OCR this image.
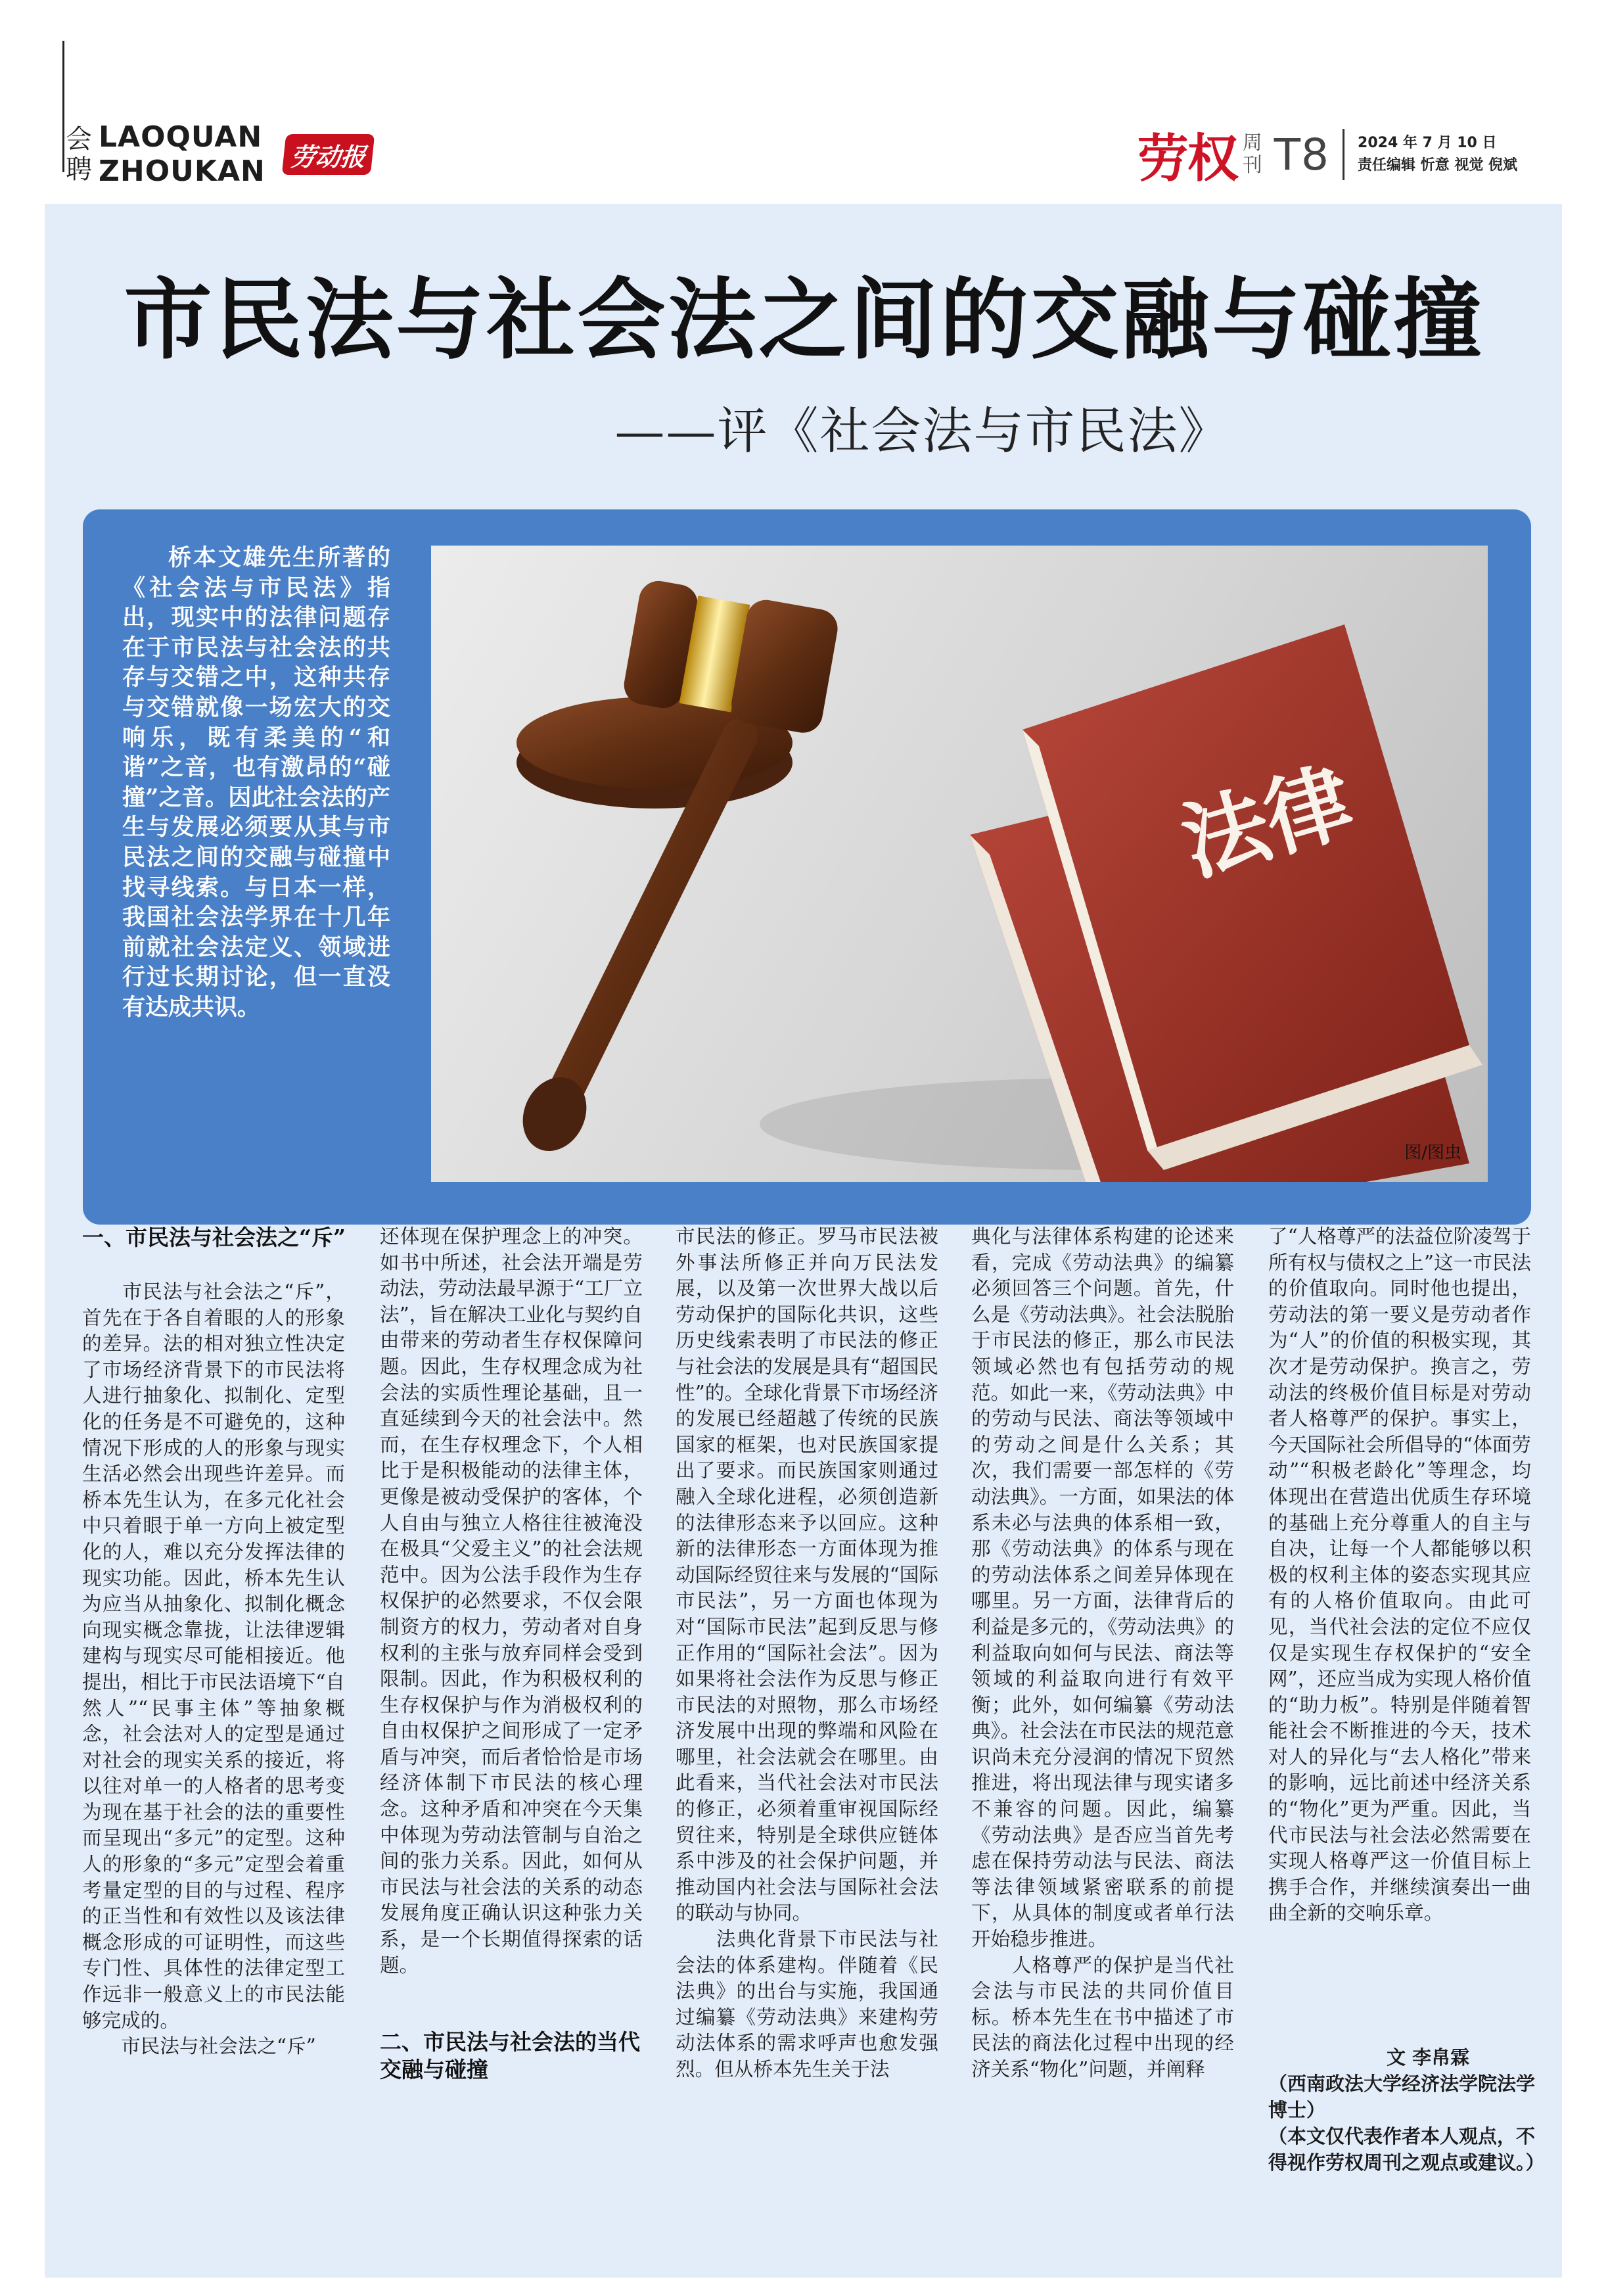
会
聘
LAOQUAN
ZHOUKAN 劳动报	劳权 周
刊 T8 2024 年 7 月 10 日
责任编辑 忻意 视觉 倪斌
市民法与社会法之间的交融与碰撞
——评《社会法与市民法》

桥本文雄先生所著的《社会法与市民法》指出，现实中的法律问题存在于市民法与社会法的共存与交错之中，这种共存与交错就像一场宏大的交响乐，既有柔美的“和谐”之音，也有激昂的“碰撞”之音。因此社会法的产生与发展必须要从其与市民法之间的交融与碰撞中找寻线索。与日本一样，我国社会法学界在十几年前就社会法定义、领域进行过长期讨论，但一直没有达成共识。

法律
图/图虫

一、市民法与社会法之“斥”

　　市民法与社会法之“斥”，首先在于各自着眼的人的形象的差异。法的相对独立性决定了市场经济背景下的市民法将人进行抽象化、拟制化、定型化的任务是不可避免的，这种情况下形成的人的形象与现实生活必然会出现些许差异。而桥本先生认为，在多元化社会中只着眼于单一方向上被定型化的人，难以充分发挥法律的现实功能。因此，桥本先生认为应当从抽象化、拟制化概念向现实概念靠拢，让法律逻辑建构与现实尽可能相接近。他提出，相比于市民法语境下“自然人”“民事主体”等抽象概念，社会法对人的定型是通过对社会的现实关系的接近，将以往对单一的人格者的思考变为现在基于社会的法的重要性而呈现出“多元”的定型。这种人的形象的“多元”定型会着重考量定型的目的与过程、程序的正当性和有效性以及该法律概念形成的可证明性，而这些专门性、具体性的法律定型工作远非一般意义上的市民法能够完成的。
　　市民法与社会法之“斥”

还体现在保护理念上的冲突。如书中所述，社会法开端是劳动法，劳动法最早源于“工厂立法”，旨在解决工业化与契约自由带来的劳动者生存权保障问题。因此，生存权理念成为社会法的实质性理论基础，且一直延续到今天的社会法中。然而，在生存权理念下，个人相比于是积极能动的法律主体，更像是被动受保护的客体，个人自由与独立人格往往被淹没在极具“父爱主义”的社会法规范中。因为公法手段作为生存权保护的必然要求，不仅会限制资方的权力，劳动者对自身权利的主张与放弃同样会受到限制。因此，作为积极权利的生存权保护与作为消极权利的自由权保护之间形成了一定矛盾与冲突，而后者恰恰是市场经济体制下市民法的核心理念。这种矛盾和冲突在今天集中体现为劳动法管制与自治之间的张力关系。因此，如何从市民法与社会法的关系的动态发展角度正确认识这种张力关系，是一个长期值得探索的话题。

二、市民法与社会法的当代交融与碰撞

市民法的修正。罗马市民法被外事法所修正并向万民法发展，以及第一次世界大战以后劳动保护的国际化共识，这些历史线索表明了市民法的修正与社会法的发展是具有“超国民性”的。全球化背景下市场经济的发展已经超越了传统的民族国家的框架，也对民族国家提出了要求。而民族国家则通过融入全球化进程，必须创造新的法律形态来予以回应。这种新的法律形态一方面体现为推动国际经贸往来与发展的“国际市民法”，另一方面也体现为对“国际市民法”起到反思与修正作用的“国际社会法”。因为如果将社会法作为反思与修正市民法的对照物，那么市场经济发展中出现的弊端和风险在哪里，社会法就会在哪里。由此看来，当代社会法对市民法的修正，必须着重审视国际经贸往来，特别是全球供应链体系中涉及的社会保护问题，并推动国内社会法与国际社会法的联动与协同。
　　法典化背景下市民法与社会法的体系建构。伴随着《民法典》的出台与实施，我国通过编纂《劳动法典》来建构劳动法体系的需求呼声也愈发强烈。但从桥本先生关于法

典化与法律体系构建的论述来看，完成《劳动法典》的编纂必须回答三个问题。首先，什么是《劳动法典》。社会法脱胎于市民法的修正，那么市民法领域必然也有包括劳动的规范。如此一来，《劳动法典》中的劳动与民法、商法等领域中的劳动之间是什么关系；其次，我们需要一部怎样的《劳动法典》。一方面，如果法的体系未必与法典的体系相一致，那《劳动法典》的体系与现在的劳动法体系之间差异体现在哪里。另一方面，法律背后的利益是多元的，《劳动法典》的利益取向如何与民法、商法等领域的利益取向进行有效平衡；此外，如何编纂《劳动法典》。社会法在市民法的规范意识尚未充分浸润的情况下贸然推进，将出现法律与现实诸多不兼容的问题。因此，编纂《劳动法典》是否应当首先考虑在保持劳动法与民法、商法等法律领域紧密联系的前提下，从具体的制度或者单行法开始稳步推进。
　　人格尊严的保护是当代社会法与市民法的共同价值目标。桥本先生在书中描述了市民法的商法化过程中出现的经济关系“物化”问题，并阐释

了“人格尊严的法益位阶凌驾于所有权与债权之上”这一市民法的价值取向。同时他也提出，劳动法的第一要义是劳动者作为“人”的价值的积极实现，其次才是劳动保护。换言之，劳动法的终极价值目标是对劳动者人格尊严的保护。事实上，今天国际社会所倡导的“体面劳动”“积极老龄化”等理念，均体现出在营造出优质生存环境的基础上充分尊重人的自主与自决，让每一个人都能够以积极的权利主体的姿态实现其应有的人格价值取向。由此可见，当代社会法的定位不应仅仅是实现生存权保护的“安全网”，还应当成为实现人格价值的“助力板”。特别是伴随着智能社会不断推进的今天，技术对人的异化与“去人格化”带来的影响，远比前述中经济关系的“物化”更为严重。因此，当代市民法与社会法必然需要在实现人格尊严这一价值目标上携手合作，并继续演奏出一曲曲全新的交响乐章。

文 李帛霖

（西南政法大学经济法学院法学博士）

（本文仅代表作者本人观点，不得视作劳权周刊之观点或建议。）
